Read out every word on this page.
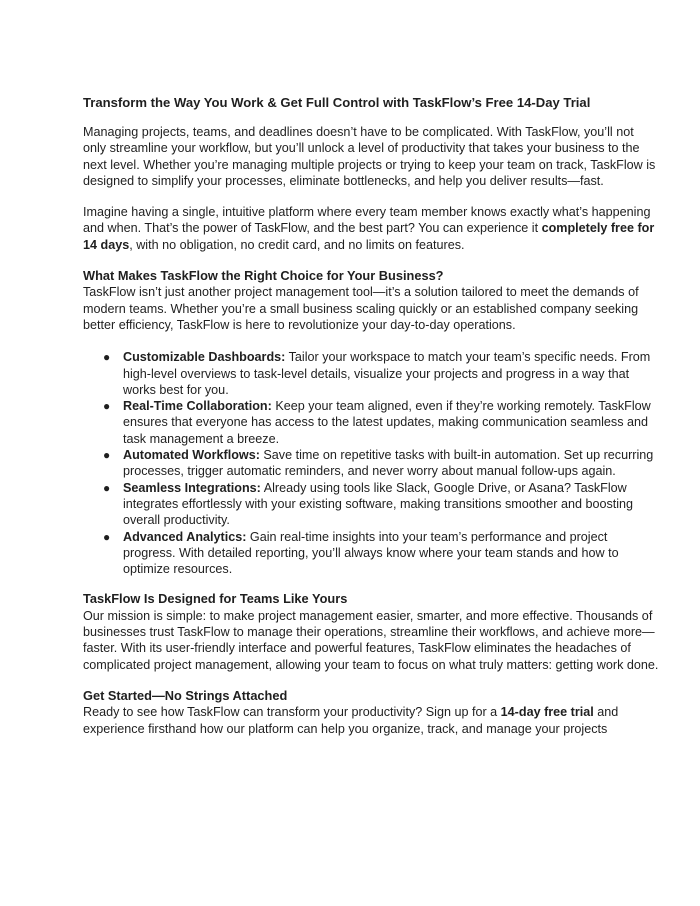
Transform the Way You Work & Get Full Control with TaskFlow’s Free 14-Day Trial

Managing projects, teams, and deadlines doesn’t have to be complicated. With TaskFlow, you’ll not only streamline your workflow, but you’ll unlock a level of productivity that takes your business to the next level. Whether you’re managing multiple projects or trying to keep your team on track, TaskFlow is designed to simplify your processes, eliminate bottlenecks, and help you deliver results—fast.

Imagine having a single, intuitive platform where every team member knows exactly what’s happening and when. That’s the power of TaskFlow, and the best part? You can experience it completely free for 14 days, with no obligation, no credit card, and no limits on features.

What Makes TaskFlow the Right Choice for Your Business?

TaskFlow isn’t just another project management tool—it’s a solution tailored to meet the demands of modern teams. Whether you’re a small business scaling quickly or an established company seeking better efficiency, TaskFlow is here to revolutionize your day-to-day operations.

● Customizable Dashboards: Tailor your workspace to match your team’s specific needs. From high-level overviews to task-level details, visualize your projects and progress in a way that works best for you.
● Real-Time Collaboration: Keep your team aligned, even if they’re working remotely. TaskFlow ensures that everyone has access to the latest updates, making communication seamless and task management a breeze.
● Automated Workflows: Save time on repetitive tasks with built-in automation. Set up recurring processes, trigger automatic reminders, and never worry about manual follow-ups again.
● Seamless Integrations: Already using tools like Slack, Google Drive, or Asana? TaskFlow integrates effortlessly with your existing software, making transitions smoother and boosting overall productivity.
● Advanced Analytics: Gain real-time insights into your team’s performance and project progress. With detailed reporting, you’ll always know where your team stands and how to optimize resources.
TaskFlow Is Designed for Teams Like Yours

Our mission is simple: to make project management easier, smarter, and more effective. Thousands of businesses trust TaskFlow to manage their operations, streamline their workflows, and achieve more—faster. With its user-friendly interface and powerful features, TaskFlow eliminates the headaches of complicated project management, allowing your team to focus on what truly matters: getting work done.

Get Started—No Strings Attached

Ready to see how TaskFlow can transform your productivity? Sign up for a 14-day free trial and experience firsthand how our platform can help you organize, track, and manage your projects
